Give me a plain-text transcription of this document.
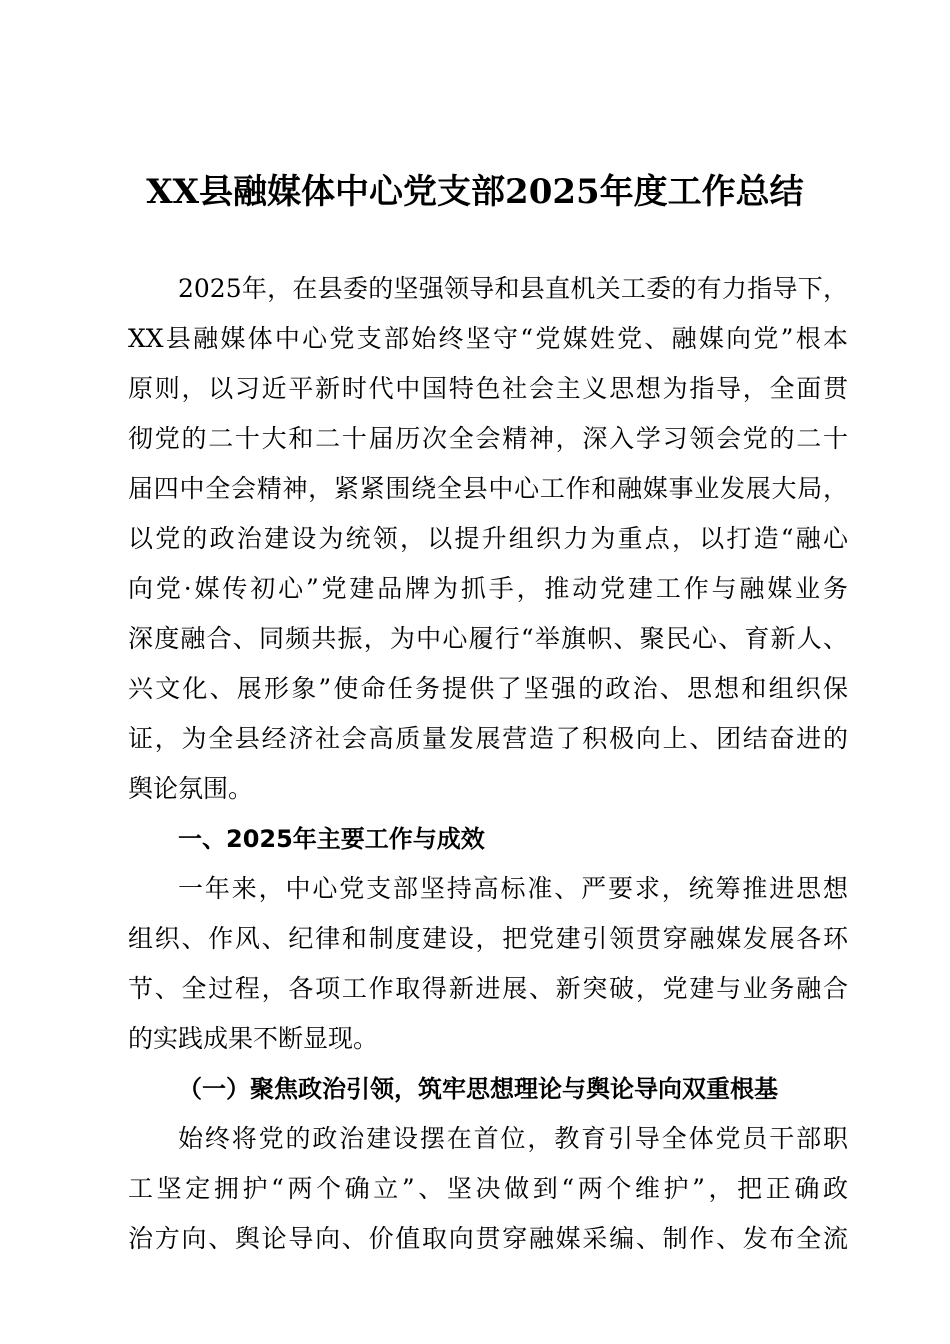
XX县融媒体中心党支部2025年度工作总结
2025年，在县委的坚强领导和县直机关工委的有力指导下，
XX县融媒体中心党支部始终坚守“党媒姓党、融媒向党”根本
原则，以习近平新时代中国特色社会主义思想为指导，全面贯
彻党的二十大和二十届历次全会精神，深入学习领会党的二十
届四中全会精神，紧紧围绕全县中心工作和融媒事业发展大局，
以党的政治建设为统领，以提升组织力为重点，以打造“融心
向党·媒传初心”党建品牌为抓手，推动党建工作与融媒业务
深度融合、同频共振，为中心履行“举旗帜、聚民心、育新人、
兴文化、展形象”使命任务提供了坚强的政治、思想和组织保
证，为全县经济社会高质量发展营造了积极向上、团结奋进的
舆论氛围。
一、2025年主要工作与成效
一年来，中心党支部坚持高标准、严要求，统筹推进思想
组织、作风、纪律和制度建设，把党建引领贯穿融媒发展各环
节、全过程，各项工作取得新进展、新突破，党建与业务融合
的实践成果不断显现。
（一）聚焦政治引领，筑牢思想理论与舆论导向双重根基
始终将党的政治建设摆在首位，教育引导全体党员干部职
工坚定拥护“两个确立”、坚决做到“两个维护”，把正确政
治方向、舆论导向、价值取向贯穿融媒采编、制作、发布全流
